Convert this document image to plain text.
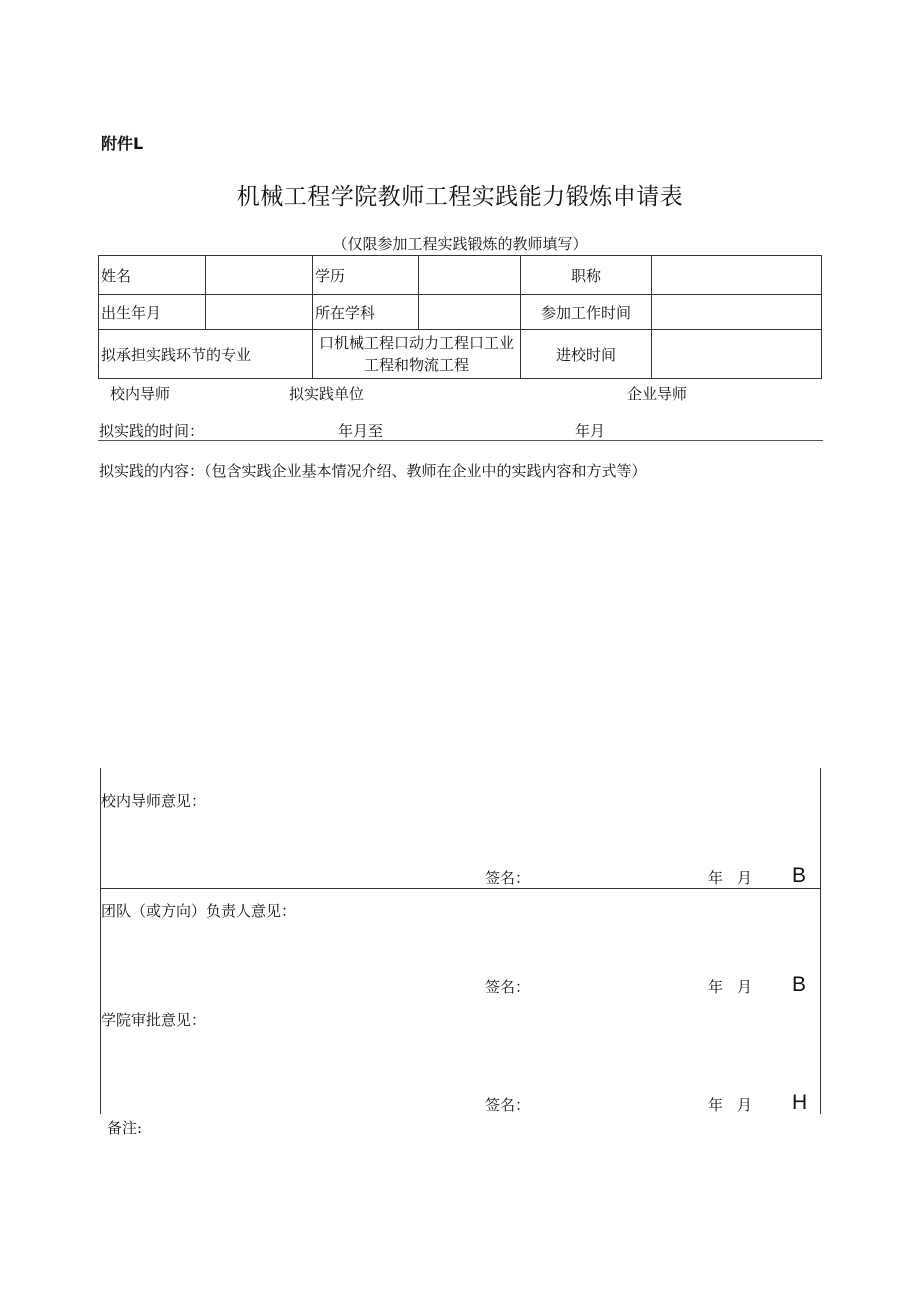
附件L
机械工程学院教师工程实践能力锻炼申请表
（仅限参加工程实践锻炼的教师填写）
姓名		学历		职称	
出生年月		所在学科		参加工作时间	
拟承担实践环节的专业		口机械工程口动力工程口工业工程和物流工程		进校时间	
校内导师	拟实践单位	企业导师
拟实践的时间：	年月至	年月
拟实践的内容：（包含实践企业基本情况介绍、教师在企业中的实践内容和方式等）
校内导师意见：
签名：	年 月 B
团队（或方向）负责人意见：
签名：	年 月 B
学院审批意见：
签名：	年 月 H
备注:
